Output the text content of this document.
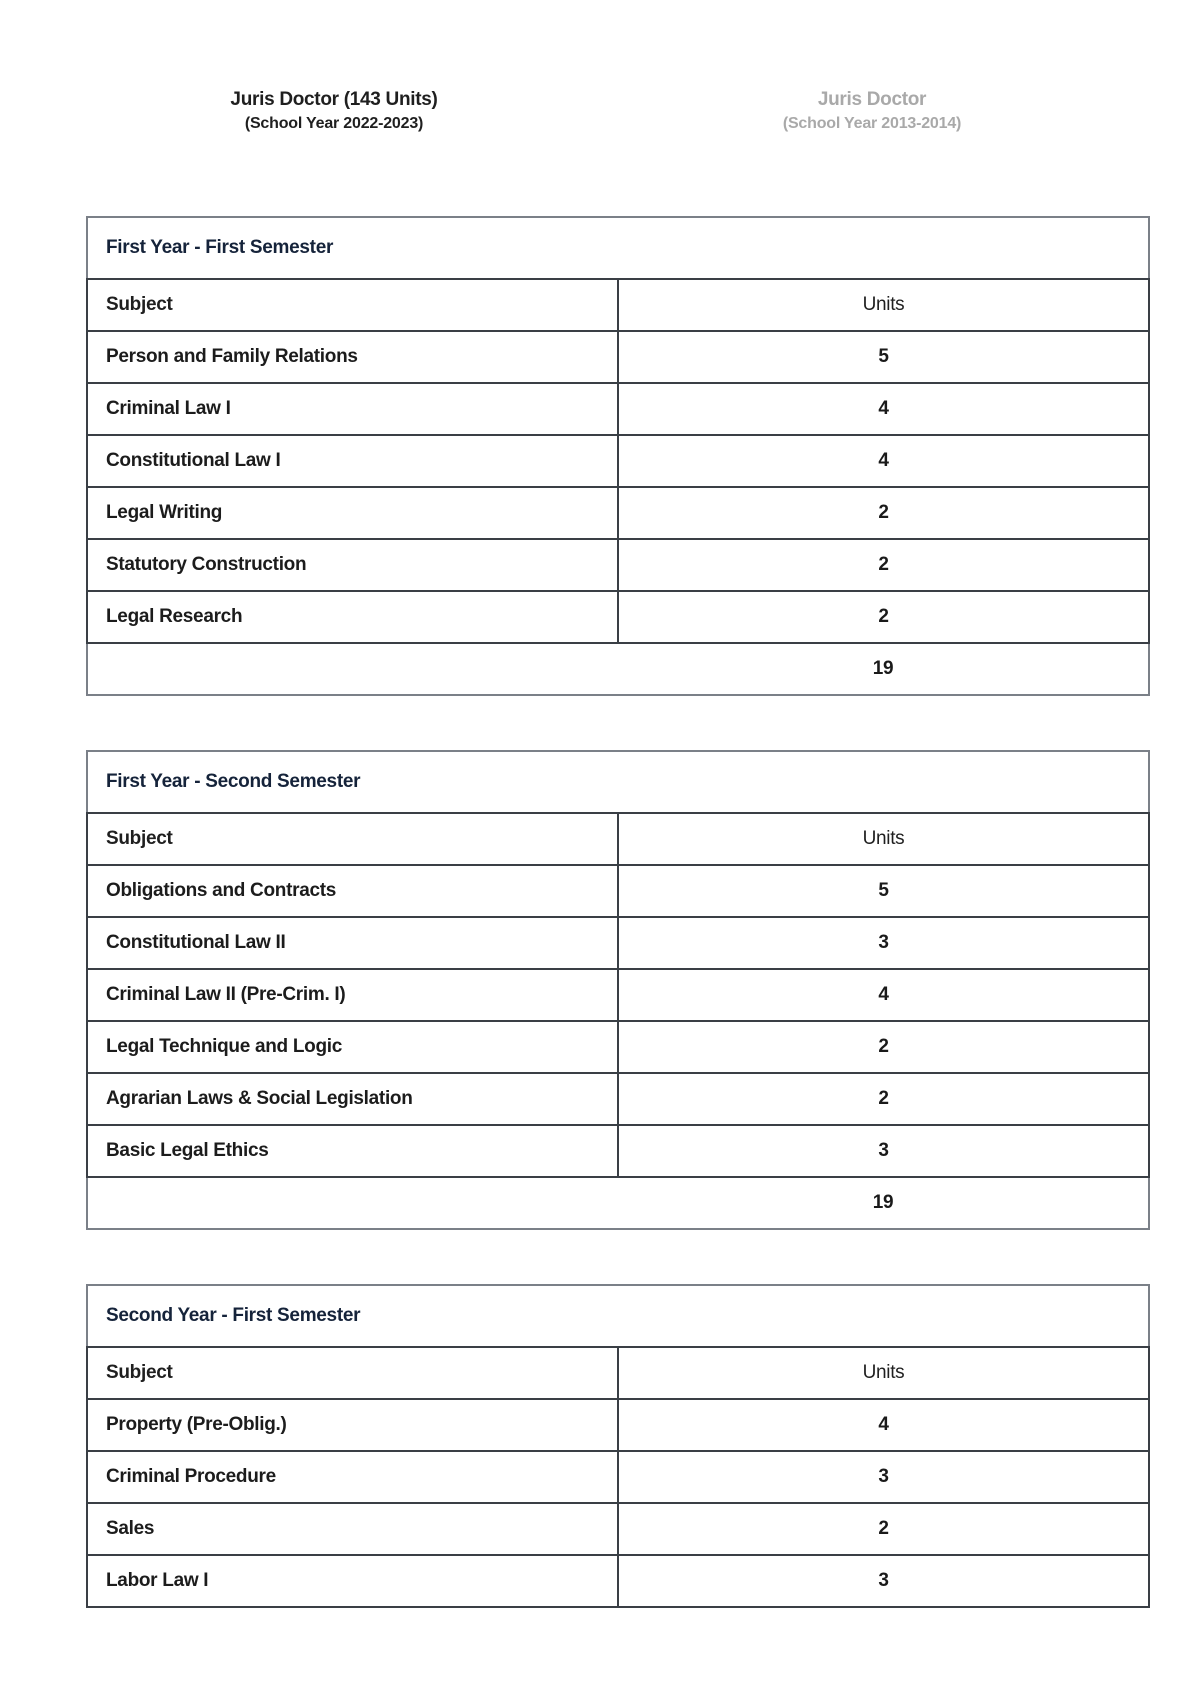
Juris Doctor (143 Units)
(School Year 2022-2023)
Juris Doctor
(School Year 2013-2014)
First Year - First Semester	
Subject	Units
Person and Family Relations	5
Criminal Law I	4
Constitutional Law I	4
Legal Writing	2
Statutory Construction	2
Legal Research	2
	19
First Year - Second Semester	
Subject	Units
Obligations and Contracts	5
Constitutional Law II	3
Criminal Law II (Pre-Crim. I)	4
Legal Technique and Logic	2
Agrarian Laws & Social Legislation	2
Basic Legal Ethics	3
	19
Second Year - First Semester	
Subject	Units
Property (Pre-Oblig.)	4
Criminal Procedure	3
Sales	2
Labor Law I	3
